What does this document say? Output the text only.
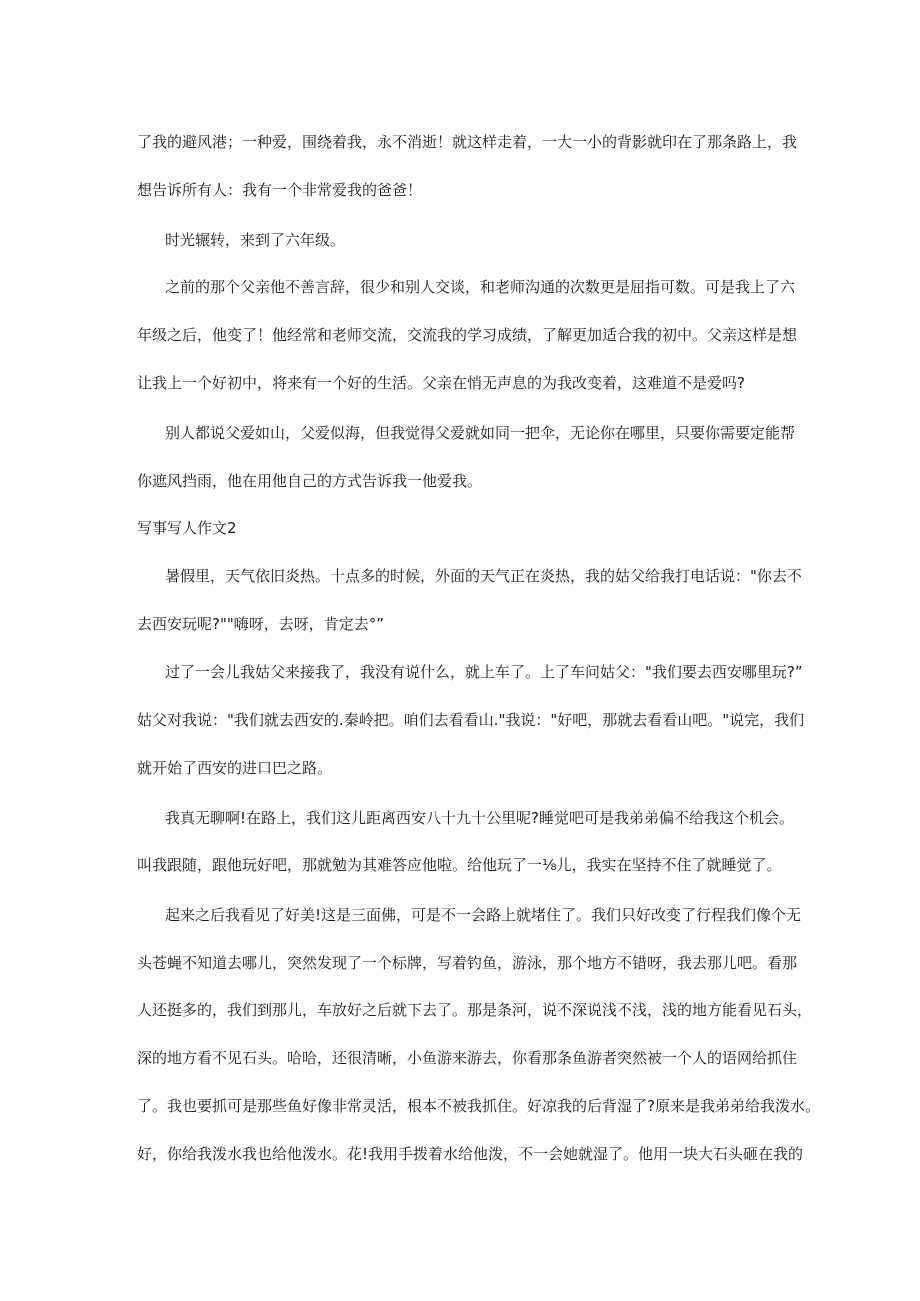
了我的避风港；一种爱，围绕着我，永不消逝！就这样走着，一大一小的背影就印在了那条路上，我
想告诉所有人：我有一个非常爱我的爸爸！
时光辗转，来到了六年级。
之前的那个父亲他不善言辞，很少和别人交谈，和老师沟通的次数更是屈指可数。可是我上了六
年级之后，他变了！他经常和老师交流，交流我的学习成绩，了解更加适合我的初中。父亲这样是想
让我上一个好初中，将来有一个好的生活。父亲在悄无声息的为我改变着，这难道不是爱吗?
别人都说父爱如山，父爱似海，但我觉得父爱就如同一把伞，无论你在哪里，只要你需要定能帮
你遮风挡雨，他在用他自己的方式告诉我一他爱我。
写事写人作文2
暑假里，天气依旧炎热。十点多的时候，外面的天气正在炎热，我的姑父给我打电话说："你去不
去西安玩呢?""嗨呀，去呀，肯定去°”
过了一会儿我姑父来接我了，我没有说什么，就上车了。上了车问姑父："我们要去西安哪里玩?”
姑父对我说："我们就去西安的.秦岭把。咱们去看看山."我说："好吧，那就去看看山吧。"说完，我们
就开始了西安的进口巴之路。
我真无聊啊!在路上，我们这儿距离西安八十九十公里呢?睡觉吧可是我弟弟偏不给我这个机会。
叫我跟随，跟他玩好吧，那就勉为其难答应他啦。给他玩了一⅛儿，我实在坚持不住了就睡觉了。
起来之后我看见了好美!这是三面佛，可是不一会路上就堵住了。我们只好改变了行程我们像个无
头苍蝇不知道去哪儿，突然发现了一个标牌，写着钓鱼，游泳，那个地方不错呀，我去那儿吧。看那
人还挺多的，我们到那儿，车放好之后就下去了。那是条河，说不深说浅不浅，浅的地方能看见石头，
深的地方看不见石头。哈哈，还很清晰，小鱼游来游去，你看那条鱼游者突然被一个人的语网给抓住
了。我也要抓可是那些鱼好像非常灵活，根本不被我抓住。好凉我的后背湿了?原来是我弟弟给我泼水。
好，你给我泼水我也给他泼水。花!我用手拨着水给他泼，不一会她就湿了。他用一块大石头砸在我的
